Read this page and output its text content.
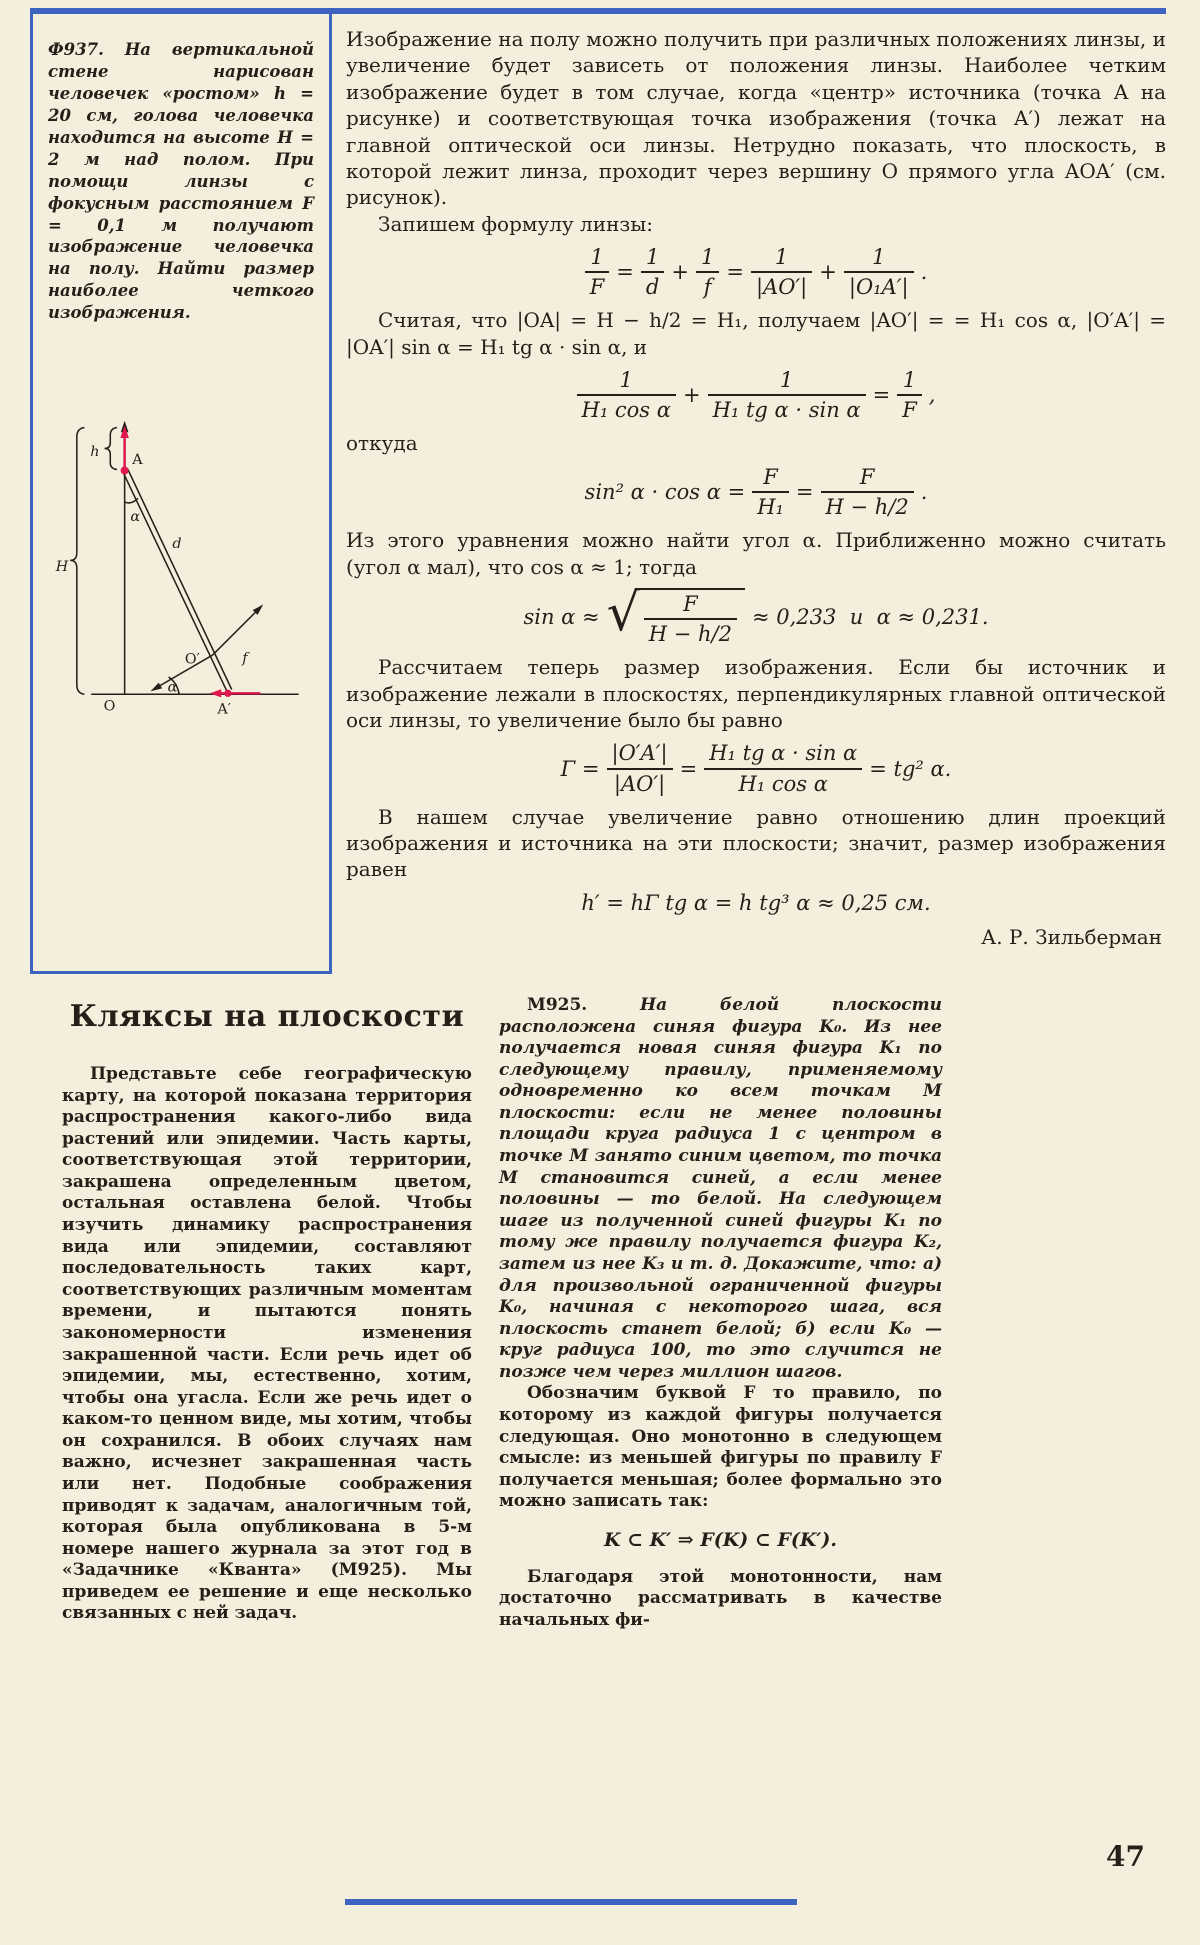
Ф937. На вертикальной стене нарисован человечек «ростом» h = 20 см, голова человечка находится на высоте H = 2 м над полом. При помощи линзы с фокусным расстоянием F = 0,1 м получают изображение человечка на полу. Найти размер наиболее четкого изображения.

A
h
H
α
d
O′	f
α
O	A′

Изображение на полу можно получить при различных положениях линзы, и увеличение будет зависеть от положения линзы. Наиболее четким изображение будет в том случае, когда «центр» источника (точка A на рисунке) и соответствующая точка изображения (точка A′) лежат на главной оптической оси линзы. Нетрудно показать, что плоскость, в которой лежит линза, проходит через вершину O прямого угла AOA′ (см. рисунок).

Запишем формулу линзы:

$\frac{1}{F} = \frac{1}{d} + \frac{1}{f} = \frac{1}{|AO'|} + \frac{1}{\text{|O₁A′|}}$ .

Считая, что |OA| = H − h/2 = H₁, получаем |AO′| = = H₁ cos α, |O′A′| = |OA′| sin α = H₁ tg α · sin α, и

$\frac{1}{\text{H₁ cos α}} + \frac{1}{\text{H₁ tg α · sin α}} = \frac{1}{F}$ ,

откуда

sin² $\alpha \cdot \cos \alpha = \frac{F}{\text{H₁}} = \frac{F}{H - h/2}$ .

Из этого уравнения можно найти угол α. Приближенно можно считать (угол α мал), что cos α ≈ 1; тогда

sin α ≈ √ $\frac{F}{H - h/2} \approx 0,233$  и  α ≈ 0,231.

Рассчитаем теперь размер изображения. Если бы источник и изображение лежали в плоскостях, перпендикулярных главной оптической оси линзы, то увеличение было бы равно

$\Gamma = \frac{|O'A'|}{|AO'|} = \frac{\text{H₁ tg α · sin α}}{\text{H₁ cos α}} = tg^2$ α.

В нашем случае увеличение равно отношению длин проекций изображения и источника на эти плоскости; значит, размер изображения равен

h′ = hΓ tg α = h tg³ α ≈ 0,25 см.

А. Р. Зильберман

Кляксы на плоскости

Представьте себе географическую карту, на которой показана территория распространения какого-либо вида растений или эпидемии. Часть карты, соответствующая этой территории, закрашена определенным цветом, остальная оставлена белой. Чтобы изучить динамику распространения вида или эпидемии, составляют последовательность таких карт, соответствующих различным моментам времени, и пытаются понять закономерности изменения закрашенной части. Если речь идет об эпидемии, мы, естественно, хотим, чтобы она угасла. Если же речь идет о каком-то ценном виде, мы хотим, чтобы он сохранился. В обоих случаях нам важно, исчезнет закрашенная часть или нет. Подобные соображения приводят к задачам, аналогичным той, которая была опубликована в 5-м номере нашего журнала за этот год в «Задачнике «Кванта» (М925). Мы приведем ее решение и еще несколько связанных с ней задач.

М925.	На белой плоскости расположена синяя фигура K₀. Из нее получается новая синяя фигура K₁ по следующему правилу, применяемому одновременно ко всем точкам M плоскости: если не менее половины площади круга радиуса 1 с центром в точке M занято синим цветом, то точка M становится синей, а если менее половины — то белой. На следующем шаге из полученной синей фигуры K₁ по тому же правилу получается фигура K₂, затем из нее K₃ и т. д. Докажите, что: а) для произвольной ограниченной фигуры K₀, начиная с некоторого шага, вся плоскость станет белой; б) если K₀ — круг радиуса 100, то это случится не позже чем через миллион шагов.

Обозначим буквой F то правило, по которому из каждой фигуры получается следующая. Оно монотонно в следующем смысле: из меньшей фигуры по правилу F получается меньшая; более формально это можно записать так:

K ⊂ K′ ⇒ F(K) ⊂ F(K′).

Благодаря этой монотонности, нам достаточно рассматривать в качестве начальных фи-

47
